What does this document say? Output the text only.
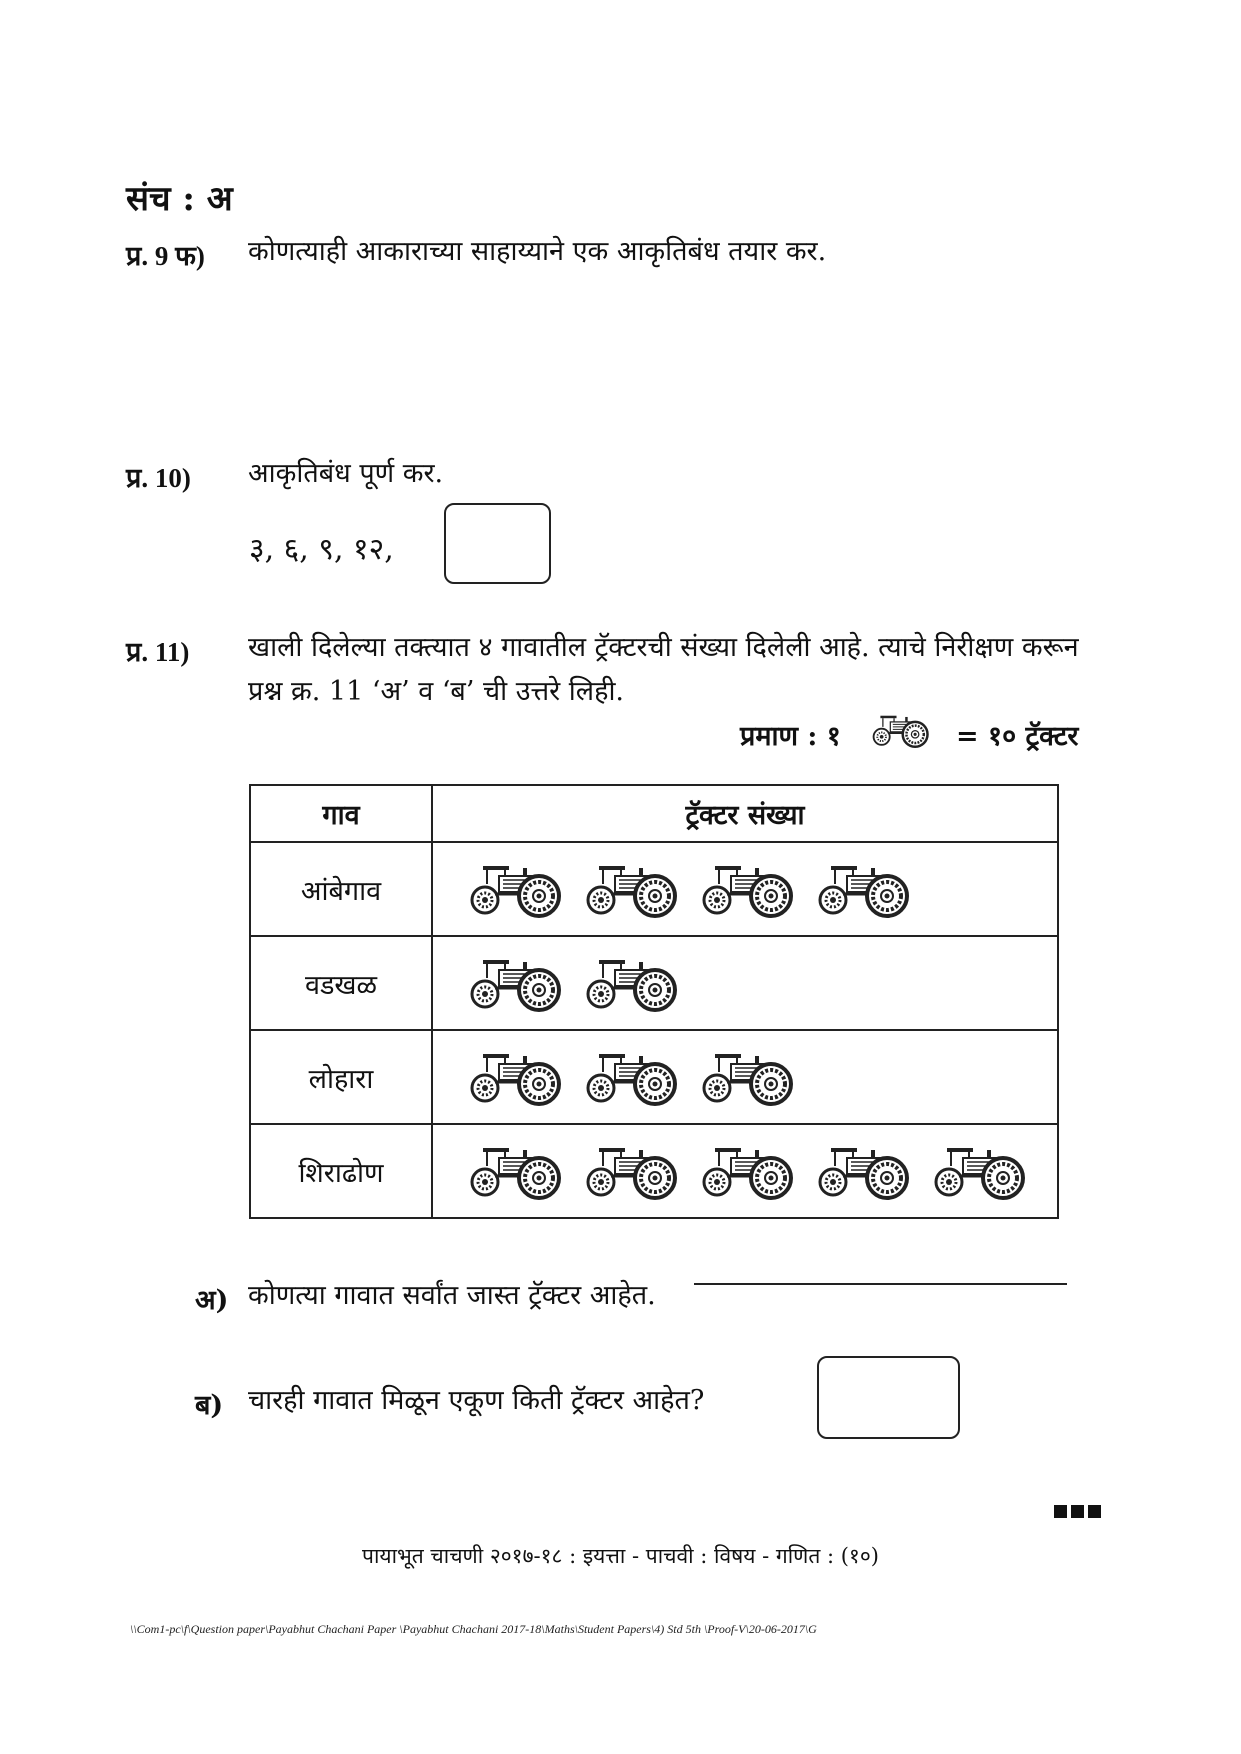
संच : अ
प्र. 9 फ) कोणत्याही आकाराच्या साहाय्याने एक आकृतिबंध तयार कर.
प्र. 10) आकृतिबंध पूर्ण कर.
३, ६, ९, १२,
प्र. 11) खाली दिलेल्या तक्त्यात ४ गावातील ट्रॅक्टरची संख्या दिलेली आहे. त्याचे निरीक्षण करून
प्रश्न क्र. 11 ‘अ’ व ‘ब’ ची उत्तरे लिही.
प्रमाण : १	= १० ट्रॅक्टर
गाव	ट्रॅक्टर संख्या
आंबेगाव	

वडखळ	

लोहारा	

शिराढोण	
अ) कोणत्या गावात सर्वांत जास्त ट्रॅक्टर आहेत.
ब) चारही गावात मिळून एकूण किती ट्रॅक्टर आहेत?
पायाभूत चाचणी २०१७-१८ : इयत्ता - पाचवी : विषय - गणित : (१०)
\\Com1-pc\f\Question paper\Payabhut Chachani Paper \Payabhut Chachani 2017-18\Maths\Student Papers\4) Std 5th \Proof-V\20-06-2017\G
